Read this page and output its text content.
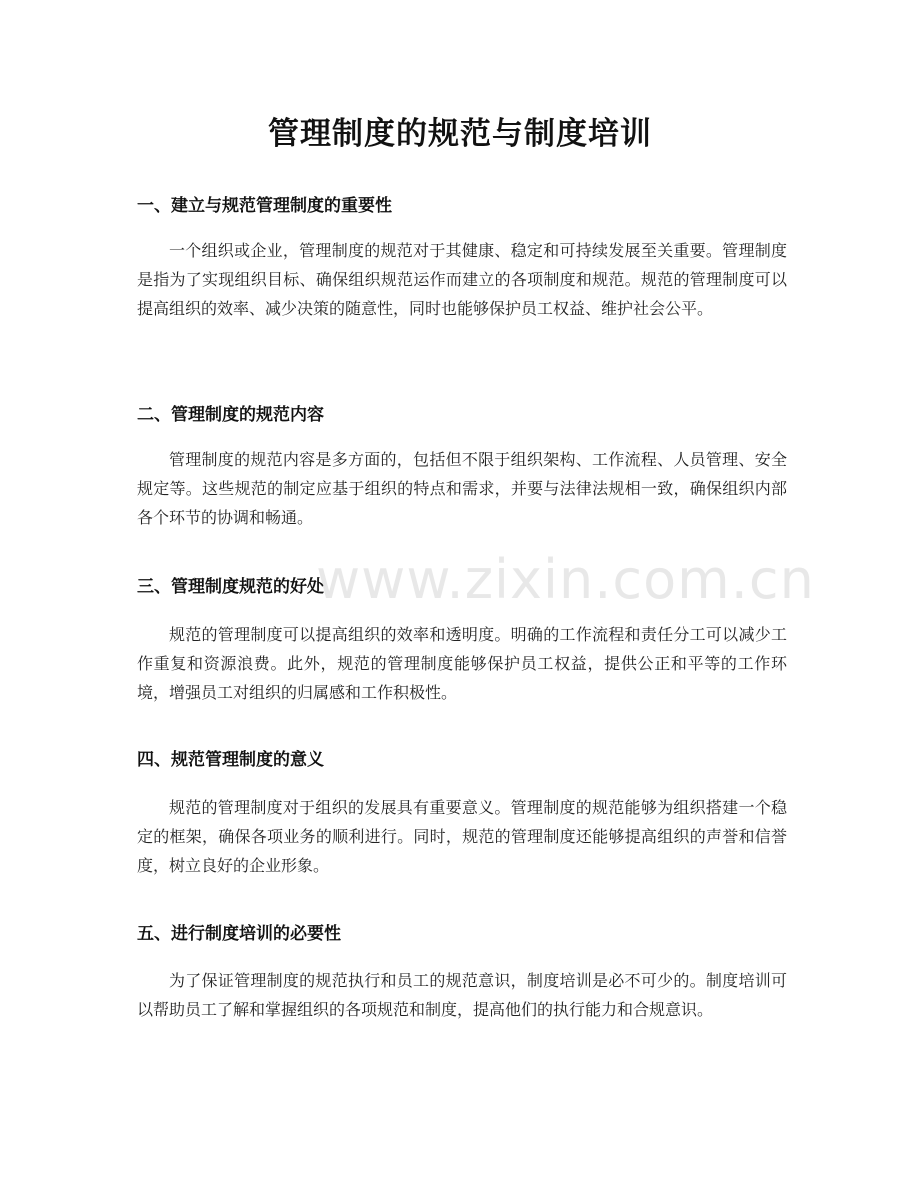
管理制度的规范与制度培训
一、建立与规范管理制度的重要性

一个组织或企业，管理制度的规范对于其健康、稳定和可持续发展至关重要。管理制度是指为了实现组织目标、确保组织规范运作而建立的各项制度和规范。规范的管理制度可以提高组织的效率、减少决策的随意性，同时也能够保护员工权益、维护社会公平。

二、管理制度的规范内容

管理制度的规范内容是多方面的，包括但不限于组织架构、工作流程、人员管理、安全规定等。这些规范的制定应基于组织的特点和需求，并要与法律法规相一致，确保组织内部各个环节的协调和畅通。

三、管理制度规范的好处

规范的管理制度可以提高组织的效率和透明度。明确的工作流程和责任分工可以减少工作重复和资源浪费。此外，规范的管理制度能够保护员工权益，提供公正和平等的工作环境，增强员工对组织的归属感和工作积极性。

四、规范管理制度的意义

规范的管理制度对于组织的发展具有重要意义。管理制度的规范能够为组织搭建一个稳定的框架，确保各项业务的顺利进行。同时，规范的管理制度还能够提高组织的声誉和信誉度，树立良好的企业形象。

五、进行制度培训的必要性

为了保证管理制度的规范执行和员工的规范意识，制度培训是必不可少的。制度培训可以帮助员工了解和掌握组织的各项规范和制度，提高他们的执行能力和合规意识。

www.zixin.com.cn
